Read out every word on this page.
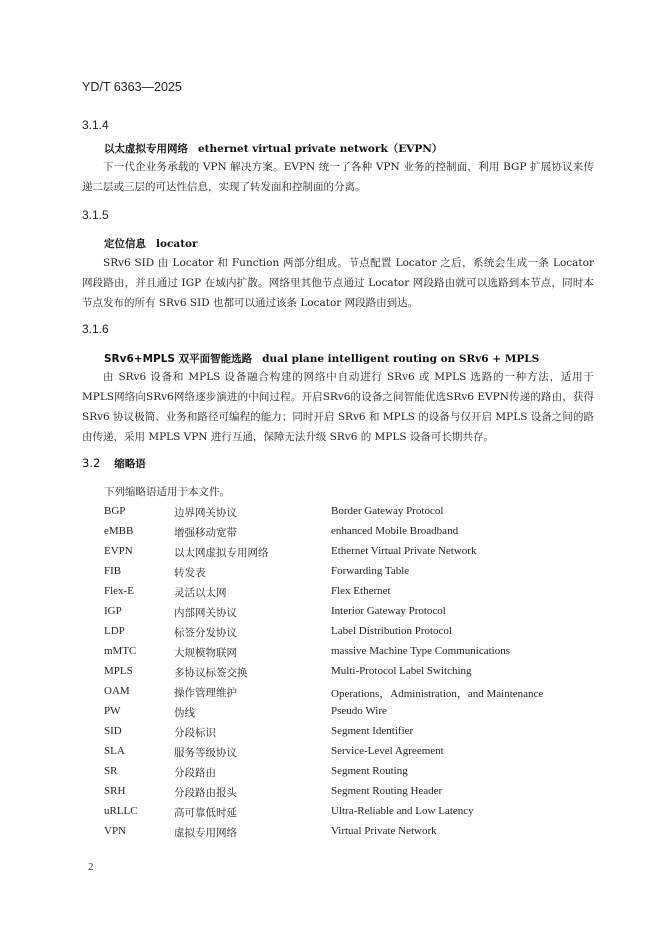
YD/T 6363—2025
3.1.4
以太虚拟专用网络 ethernet virtual private network（EVPN）
下一代企业务承载的 VPN 解决方案。EVPN 统一了各种 VPN 业务的控制面，利用 BGP 扩展协议来传递二层或三层的可达性信息，实现了转发面和控制面的分离。
3.1.5
定位信息 locator
SRv6 SID 由 Locator 和 Function 两部分组成。节点配置 Locator 之后，系统会生成一条 Locator 网段路由，并且通过 IGP 在域内扩散。网络里其他节点通过 Locator 网段路由就可以选路到本节点，同时本节点发布的所有 SRv6 SID 也都可以通过该条 Locator 网段路由到达。
3.1.6
SRv6+MPLS 双平面智能选路 dual plane intelligent routing on SRv6 + MPLS
由 SRv6 设备和 MPLS 设备融合构建的网络中自动进行 SRv6 或 MPLS 选路的一种方法，适用于MPLS网络向SRv6网络逐步演进的中间过程。开启SRv6的设备之间智能优选SRv6 EVPN传递的路由，获得 SRv6 协议极简、业务和路径可编程的能力；同时开启 SRv6 和 MPLS 的设备与仅开启 MPLS 设备之间的路由传递，采用 MPLS VPN 进行互通，保障无法升级 SRv6 的 MPLS 设备可长期共存。
3.2 缩略语
下列缩略语适用于本文件。
BGP	边界网关协议	Border Gateway Protocol
eMBB	增强移动宽带	enhanced Mobile Broadband
EVPN	以太网虚拟专用网络	Ethernet Virtual Private Network
FIB	转发表	Forwarding Table
Flex-E	灵活以太网	Flex Ethernet
IGP	内部网关协议	Interior Gateway Protocol
LDP	标签分发协议	Label Distribution Protocol
mMTC	大规模物联网	massive Machine Type Communications
MPLS	多协议标签交换	Multi-Protocol Label Switching
OAM	操作管理维护	Operations，Administration，and Maintenance
PW	伪线	Pseudo Wire
SID	分段标识	Segment Identifier
SLA	服务等级协议	Service-Level Agreement
SR	分段路由	Segment Routing
SRH	分段路由报头	Segment Routing Header
uRLLC	高可靠低时延	Ultra-Reliable and Low Latency
VPN	虚拟专用网络	Virtual Private Network
2
